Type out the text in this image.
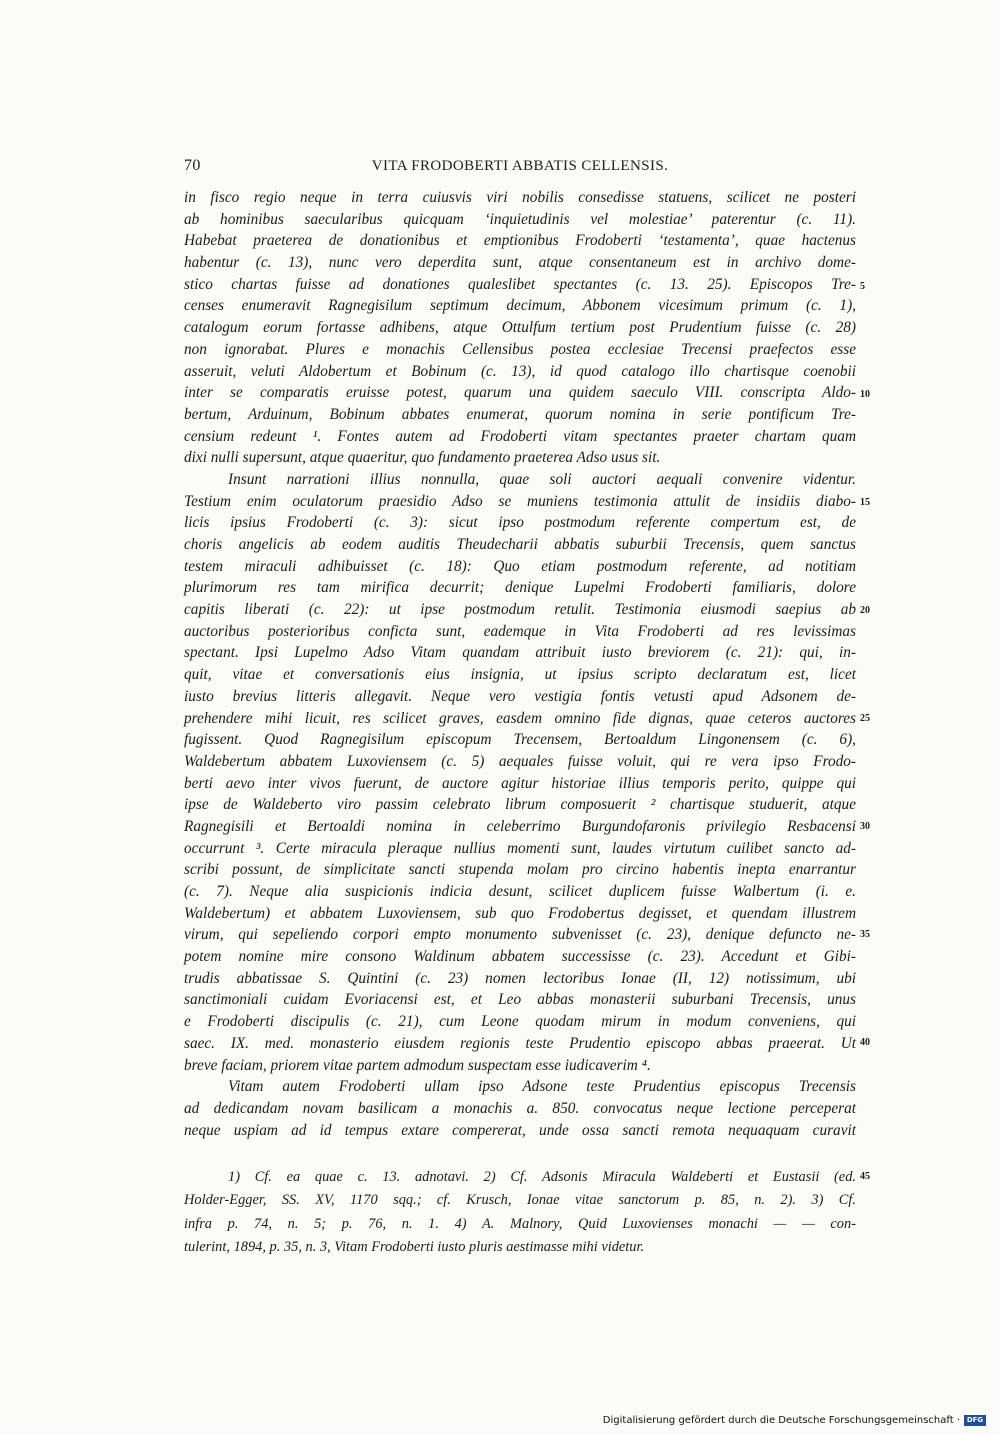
70	VITA FRODOBERTI ABBATIS CELLENSIS.
in fisco regio neque in terra cuiusvis viri nobilis consedisse statuens, scilicet ne posteri
ab hominibus saecularibus quicquam ‘inquietudinis vel molestiae’ paterentur (c. 11).
Habebat praeterea de donationibus et emptionibus Frodoberti ‘testamenta’, quae hactenus
habentur (c. 13), nunc vero deperdita sunt, atque consentaneum est in archivo dome-
stico chartas fuisse ad donationes qualeslibet spectantes (c. 13. 25). Episcopos Tre-
censes enumeravit Ragnegisilum septimum decimum, Abbonem vicesimum primum (c. 1),
catalogum eorum fortasse adhibens, atque Ottulfum tertium post Prudentium fuisse (c. 28)
non ignorabat. Plures e monachis Cellensibus postea ecclesiae Trecensi praefectos esse
asseruit, veluti Aldobertum et Bobinum (c. 13), id quod catalogo illo chartisque coenobii
inter se comparatis eruisse potest, quarum una quidem saeculo VIII. conscripta Aldo-
bertum, Arduinum, Bobinum abbates enumerat, quorum nomina in serie pontificum Tre-
censium redeunt ¹. Fontes autem ad Frodoberti vitam spectantes praeter chartam quam
dixi nulli supersunt, atque quaeritur, quo fundamento praeterea Adso usus sit.
Insunt narrationi illius nonnulla, quae soli auctori aequali convenire videntur.
Testium enim oculatorum praesidio Adso se muniens testimonia attulit de insidiis diabo-
licis ipsius Frodoberti (c. 3): sicut ipso postmodum referente compertum est, de
choris angelicis ab eodem auditis Theudecharii abbatis suburbii Trecensis, quem sanctus
testem miraculi adhibuisset (c. 18): Quo etiam postmodum referente, ad notitiam
plurimorum res tam mirifica decurrit; denique Lupelmi Frodoberti familiaris, dolore
capitis liberati (c. 22): ut ipse postmodum retulit. Testimonia eiusmodi saepius ab
auctoribus posterioribus conficta sunt, eademque in Vita Frodoberti ad res levissimas
spectant. Ipsi Lupelmo Adso Vitam quandam attribuit iusto breviorem (c. 21): qui, in-
quit, vitae et conversationis eius insignia, ut ipsius scripto declaratum est, licet
iusto brevius litteris allegavit. Neque vero vestigia fontis vetusti apud Adsonem de-
prehendere mihi licuit, res scilicet graves, easdem omnino fide dignas, quae ceteros auctores
fugissent. Quod Ragnegisilum episcopum Trecensem, Bertoaldum Lingonensem (c. 6),
Waldebertum abbatem Luxoviensem (c. 5) aequales fuisse voluit, qui re vera ipso Frodo-
berti aevo inter vivos fuerunt, de auctore agitur historiae illius temporis perito, quippe qui
ipse de Waldeberto viro passim celebrato librum composuerit ² chartisque studuerit, atque
Ragnegisili et Bertoaldi nomina in celeberrimo Burgundofaronis privilegio Resbacensi
occurrunt ³. Certe miracula pleraque nullius momenti sunt, laudes virtutum cuilibet sancto ad-
scribi possunt, de simplicitate sancti stupenda molam pro circino habentis inepta enarrantur
(c. 7). Neque alia suspicionis indicia desunt, scilicet duplicem fuisse Walbertum (i. e.
Waldebertum) et abbatem Luxoviensem, sub quo Frodobertus degisset, et quendam illustrem
virum, qui sepeliendo corpori empto monumento subvenisset (c. 23), denique defuncto ne-
potem nomine mire consono Waldinum abbatem successisse (c. 23). Accedunt et Gibi-
trudis abbatissae S. Quintini (c. 23) nomen lectoribus Ionae (II, 12) notissimum, ubi
sanctimoniali cuidam Evoriacensi est, et Leo abbas monasterii suburbani Trecensis, unus
e Frodoberti discipulis (c. 21), cum Leone quodam mirum in modum conveniens, qui
saec. IX. med. monasterio eiusdem regionis teste Prudentio episcopo abbas praeerat. Ut
breve faciam, priorem vitae partem admodum suspectam esse iudicaverim ⁴.
Vitam autem Frodoberti ullam ipso Adsone teste Prudentius episcopus Trecensis
ad dedicandam novam basilicam a monachis a. 850. convocatus neque lectione perceperat
neque uspiam ad id tempus extare compererat, unde ossa sancti remota nequaquam curavit
5
10
15
20
25
30
35
40
45
1) Cf. ea quae c. 13. adnotavi. 2) Cf. Adsonis Miracula Waldeberti et Eustasii (ed.
Holder-Egger, SS. XV, 1170 sqq.; cf. Krusch, Ionae vitae sanctorum p. 85, n. 2). 3) Cf.
infra p. 74, n. 5; p. 76, n. 1. 4) A. Malnory, Quid Luxovienses monachi — — con-
tulerint, 1894, p. 35, n. 3, Vitam Frodoberti iusto pluris aestimasse mihi videtur.
Digitalisierung gefördert durch die Deutsche Forschungsgemeinschaft · DFG
